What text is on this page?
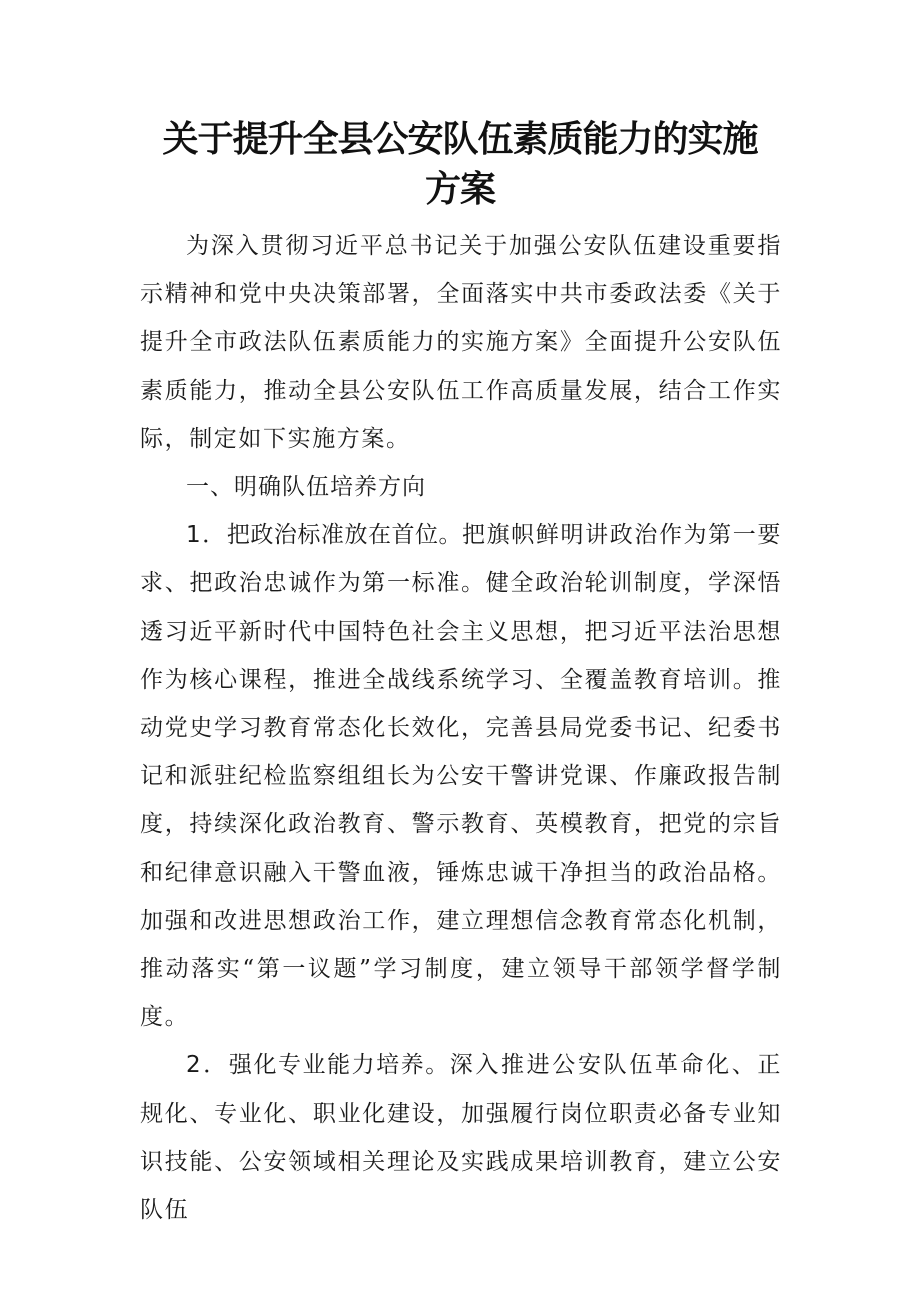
关于提升全县公安队伍素质能力的实施
方案

为深入贯彻习近平总书记关于加强公安队伍建设重要指示精神和党中央决策部署，全面落实中共市委政法委《关于提升全市政法队伍素质能力的实施方案》全面提升公安队伍素质能力，推动全县公安队伍工作高质量发展，结合工作实际，制定如下实施方案。

一、明确队伍培养方向

1．把政治标准放在首位。把旗帜鲜明讲政治作为第一要求、把政治忠诚作为第一标准。健全政治轮训制度，学深悟透习近平新时代中国特色社会主义思想，把习近平法治思想作为核心课程，推进全战线系统学习、全覆盖教育培训。推动党史学习教育常态化长效化，完善县局党委书记、纪委书记和派驻纪检监察组组长为公安干警讲党课、作廉政报告制度，持续深化政治教育、警示教育、英模教育，把党的宗旨和纪律意识融入干警血液，锤炼忠诚干净担当的政治品格。加强和改进思想政治工作，建立理想信念教育常态化机制，推动落实“第一议题”学习制度，建立领导干部领学督学制度。

2．强化专业能力培养。深入推进公安队伍革命化、正规化、专业化、职业化建设，加强履行岗位职责必备专业知识技能、公安领域相关理论及实践成果培训教育，建立公安队伍
